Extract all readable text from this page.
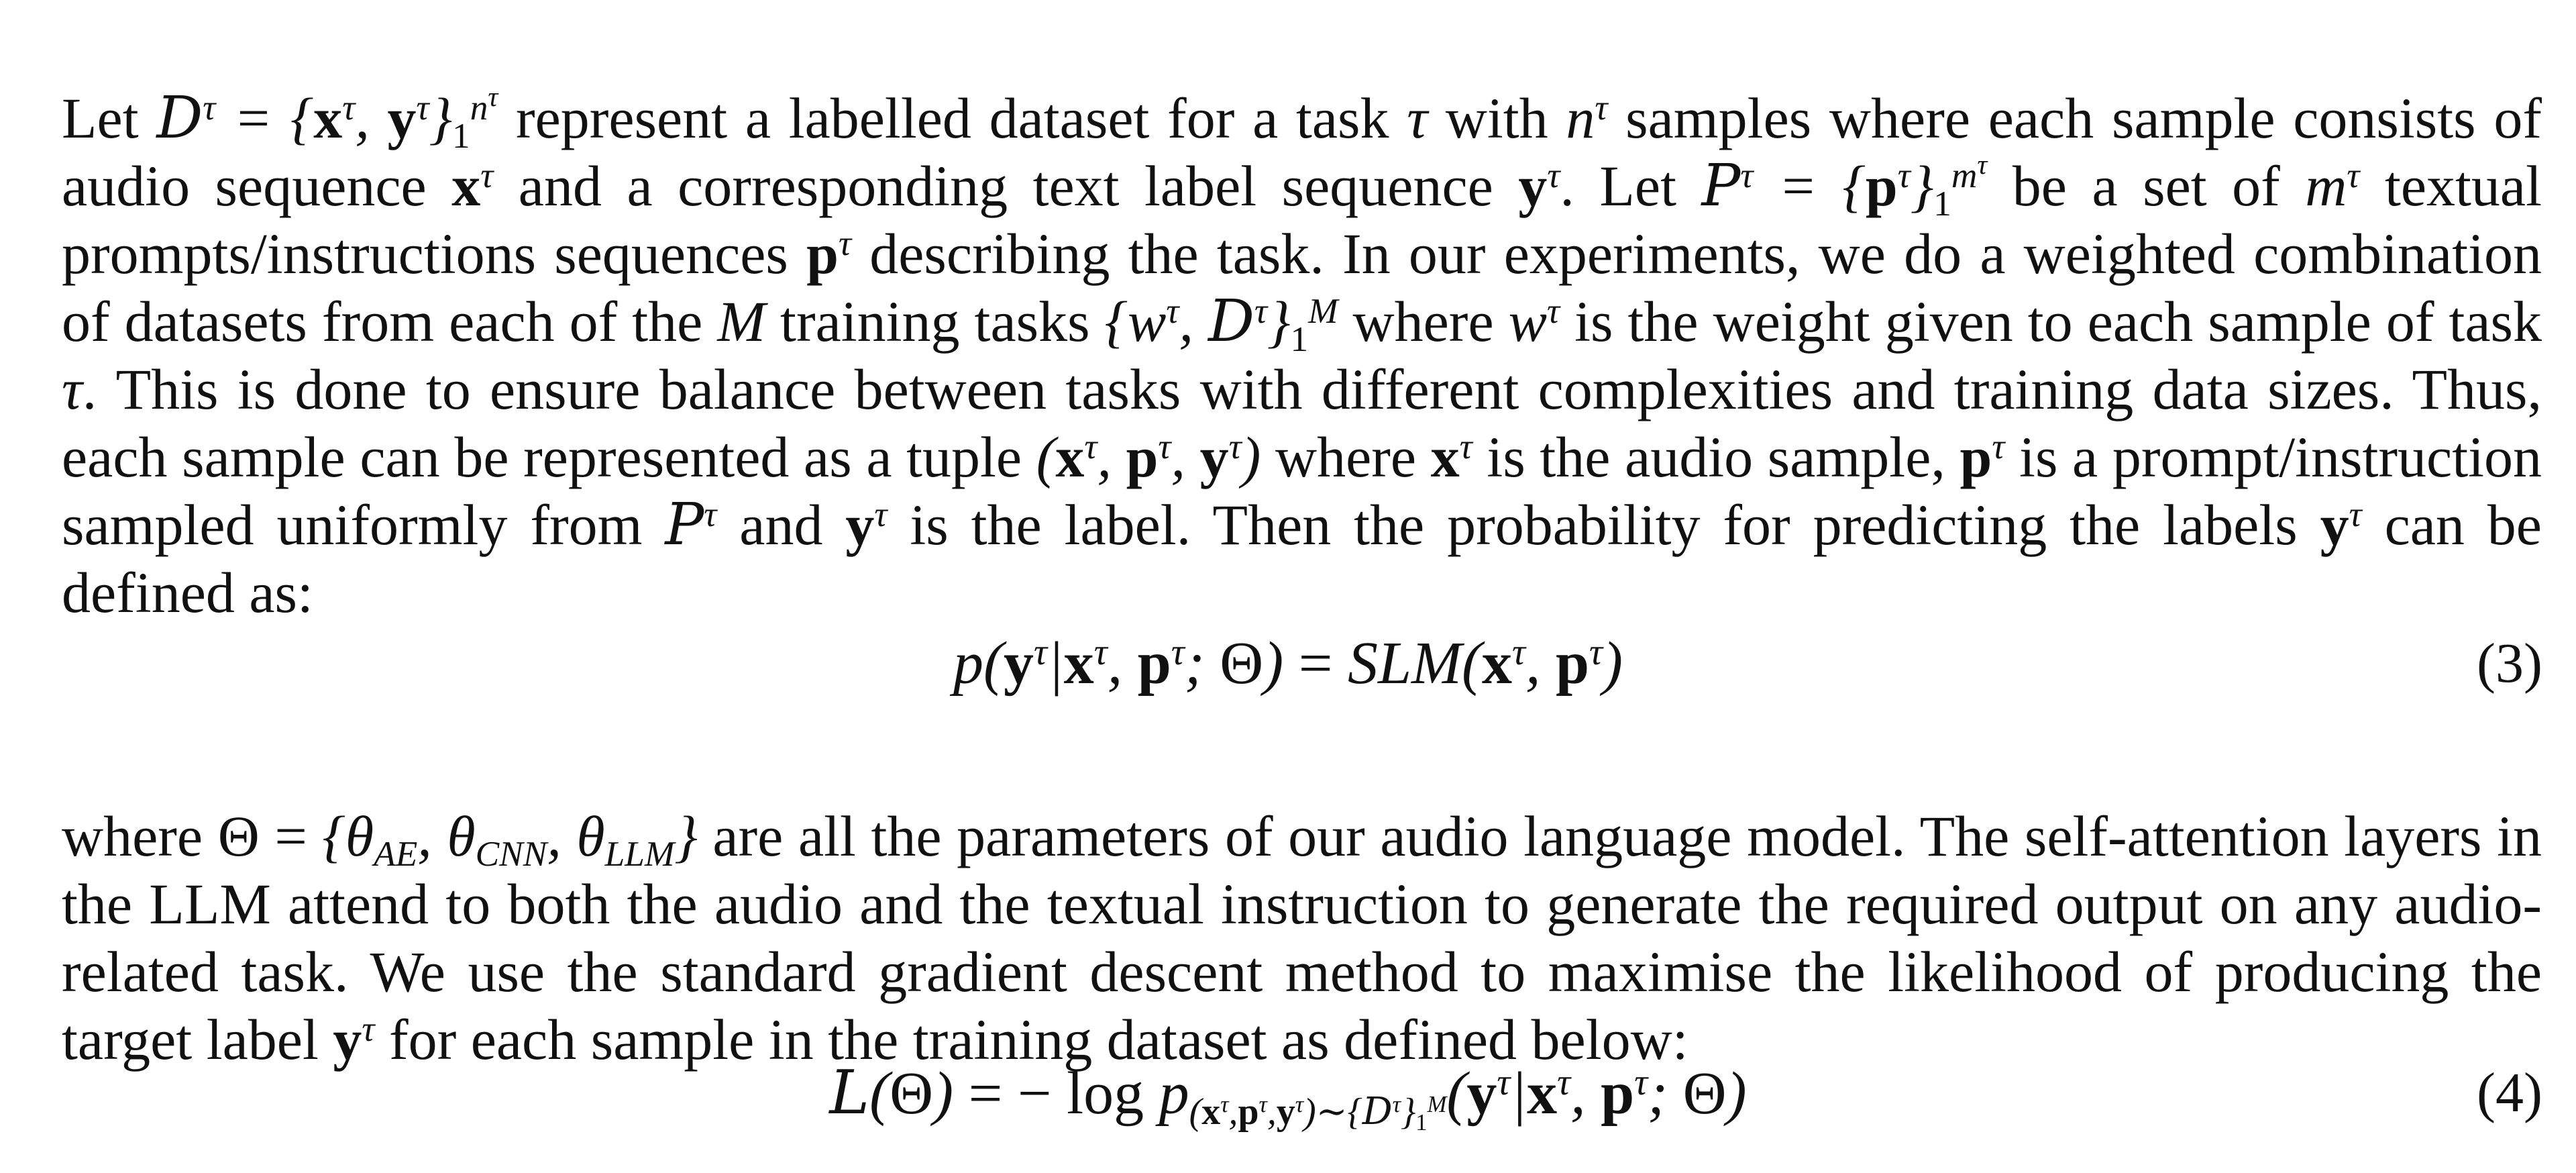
Let $D^\tau = \{x^\tau$, $y^\tau\}_1^{n^\tau}$ represent a labelled dataset for a task τ with $n^\tau$ samples where each sample consists of audio sequence $x^\tau$ and a corresponding text label sequence $y^\tau$. Let $P^\tau = \{p^\tau\}_1^{m^\tau}$ be a set of $m^\tau$ textual prompts/instructions sequences $p^\tau$ describing the task. In our experiments, we do a weighted combination of datasets from each of the M training tasks {$w^\tau$, $D^\tau\}_1^M$ where $w^\tau$ is the weight given to each sample of task τ. This is done to ensure balance between tasks with different complexities and training data sizes. Thus, each sample can be represented as a tuple ($x^\tau$, $p^\tau$, $y^\tau$) where $x^\tau$ is the audio sample, $p^\tau$ is a prompt/instruction sampled uniformly from $P^\tau$ and $y^\tau$ is the label. Then the probability for predicting the labels $y^\tau$ can be defined as:

$p(y^\tau|x^\tau$, $p^\tau$; $\Theta) = SLM(x^\tau$, $p^\tau$)	(3)

where $\Theta = \{\theta_{AE}$, $\theta_{CNN}$, $\theta_{LLM}$} are all the parameters of our audio language model. The self-attention layers in the LLM attend to both the audio and the textual instruction to generate the required output on any audio-related task. We use the standard gradient descent method to maximise the likelihood of producing the target label $y^\tau$ for each sample in the training dataset as defined below:

L(Θ) = − $\log p_{(x^\tau,p^\tau,y^\tau)\sim\{D^\tau\}_1^M}(y^\tau|x^\tau$, $p^\tau$; Θ)	(4)
